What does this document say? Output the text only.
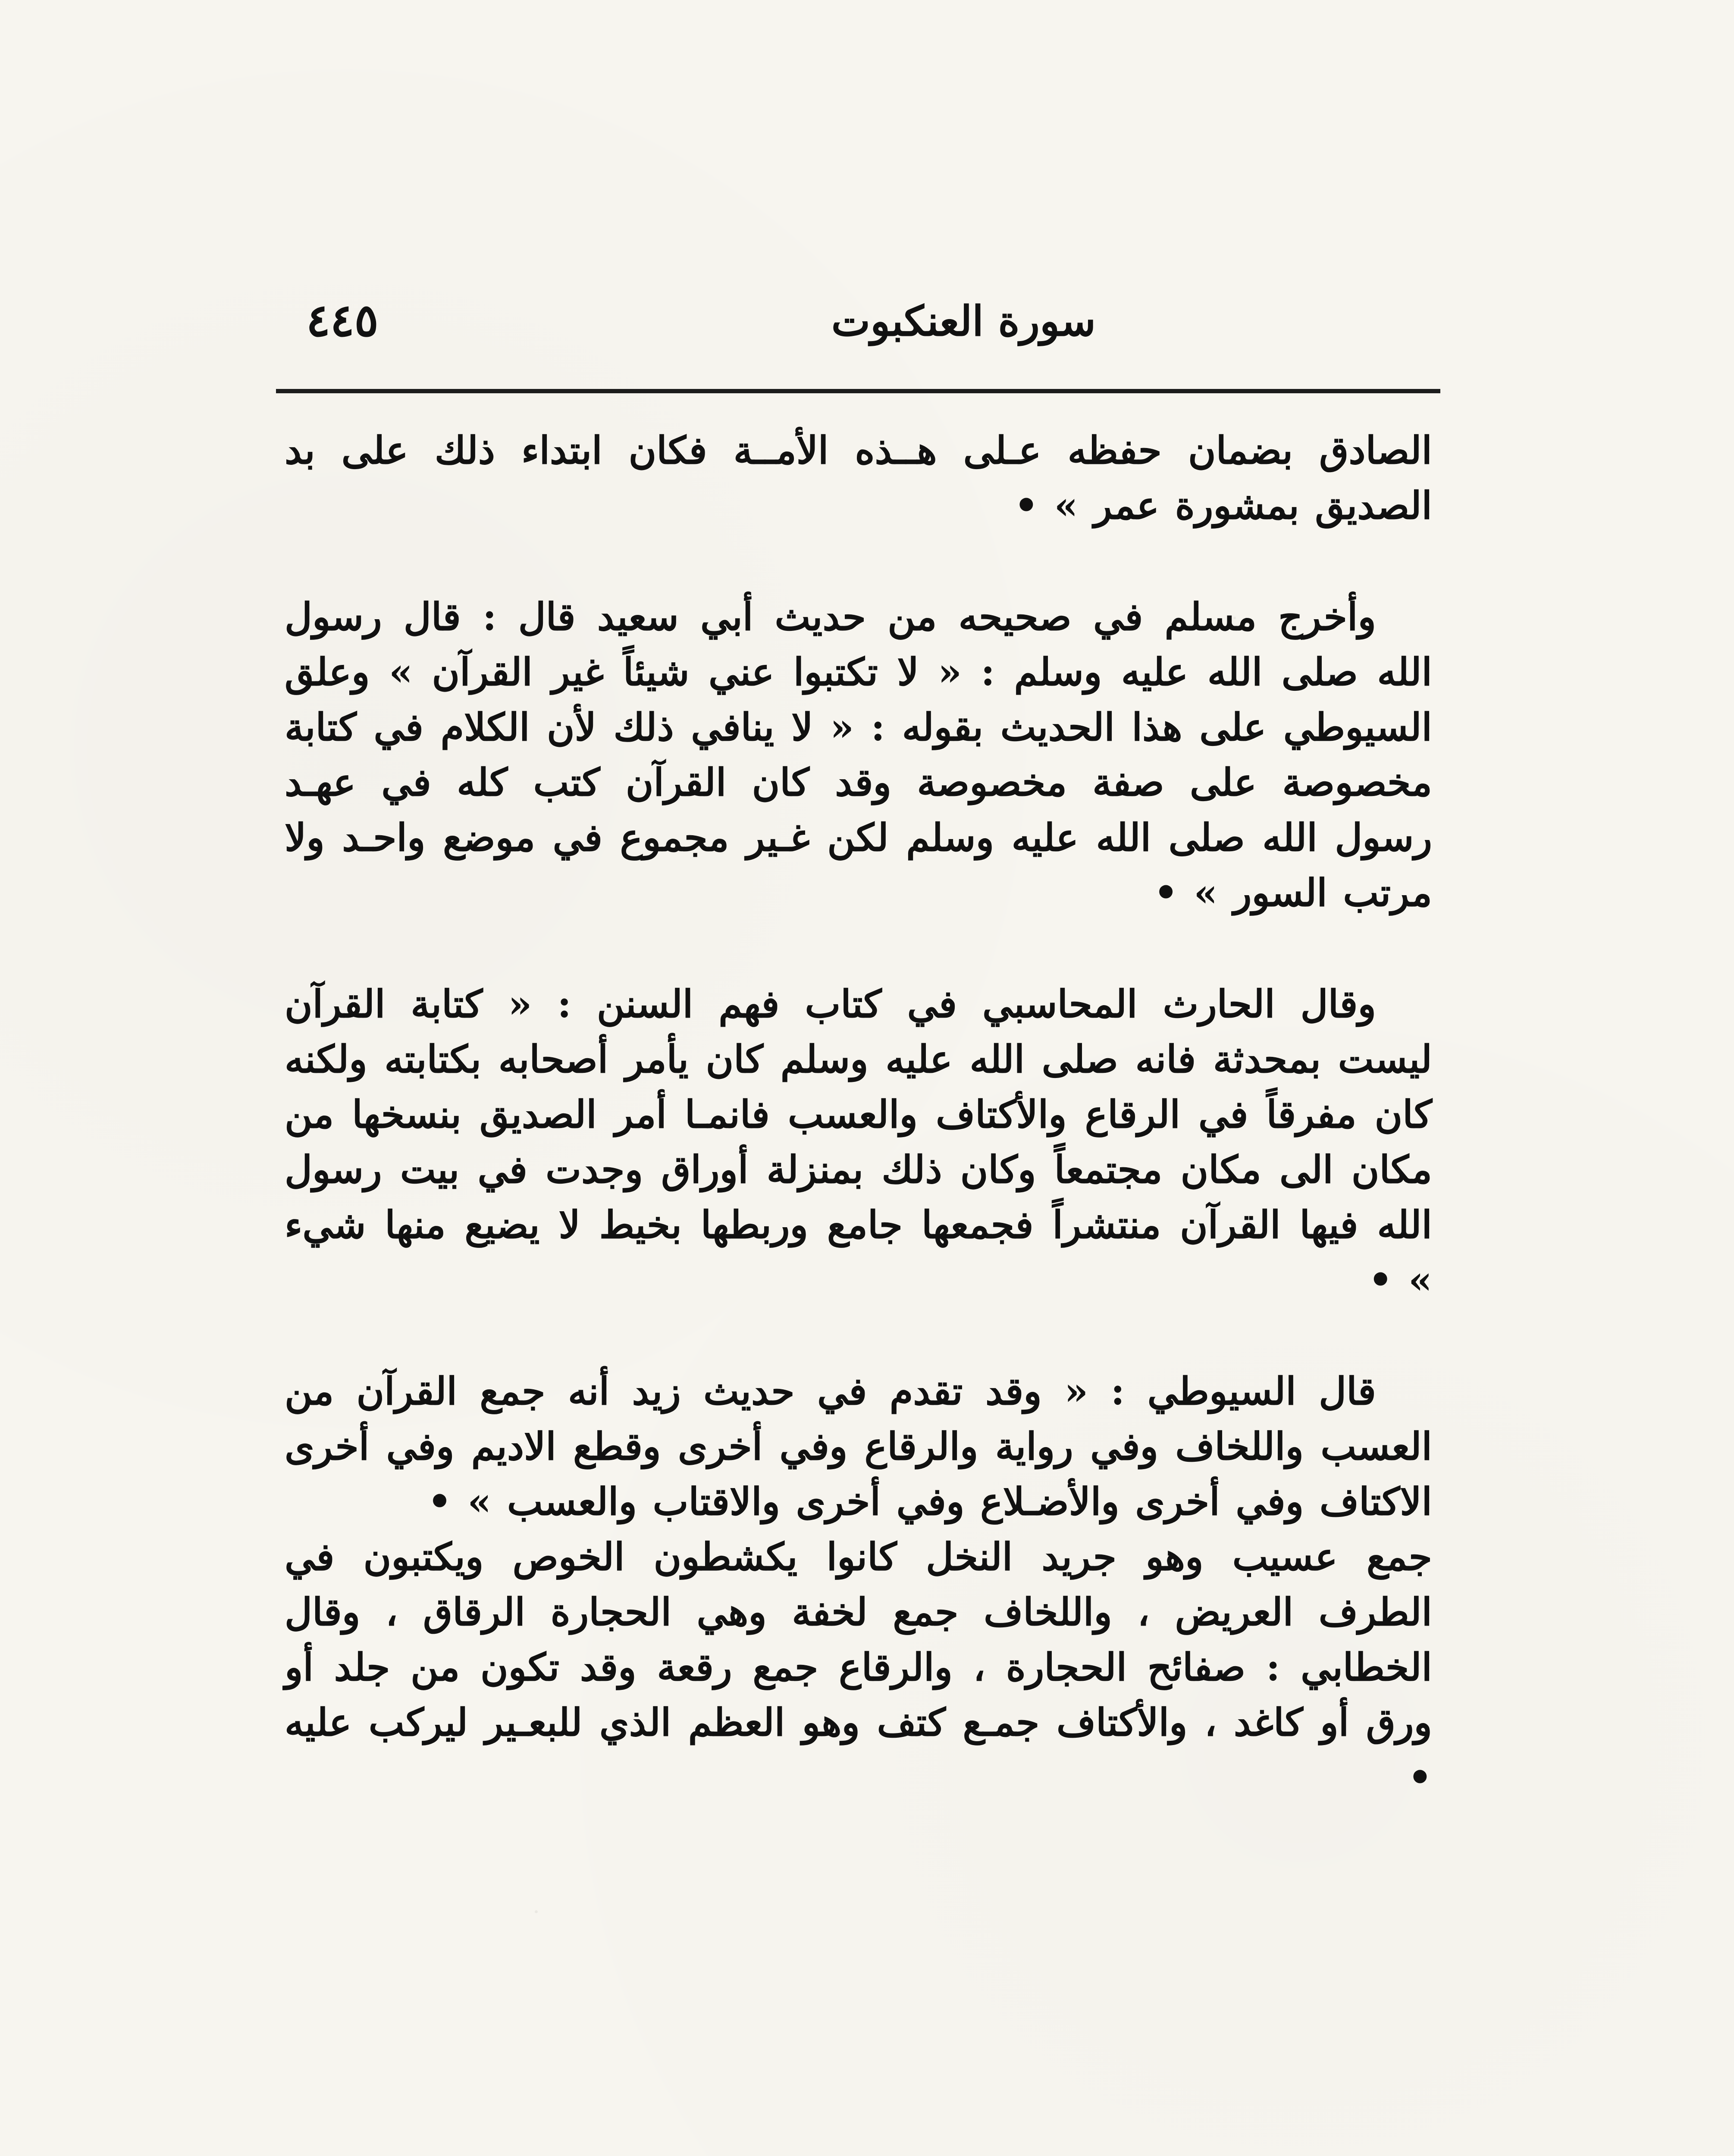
سورة العنكبوت
٤٤٥

الصادق بضمان حفظه عـلى هــذه الأمــة فكان ابتداء ذلك على بد الصديق بمشورة عمر » •

وأخرج مسلم في صحيحه من حديث أبي سعيد قال : قال رسول الله صلى الله عليه وسلم : « لا تكتبوا عني شيئاً غير القرآن » وعلق السيوطي على هذا الحديث بقوله : « لا ينافي ذلك لأن الكلام في كتابة مخصوصة على صفة مخصوصة وقد كان القرآن كتب كله في عهـد رسول الله صلى الله عليه وسلم لكن غـير مجموع في موضع واحـد ولا مرتب السور » •

وقال الحارث المحاسبي في كتاب فهم السنن : « كتابة القرآن ليست بمحدثة فانه صلى الله عليه وسلم كان يأمر أصحابه بكتابته ولكنه كان مفرقاً في الرقاع والأكتاف والعسب فانمـا أمر الصديق بنسخها من مكان الى مكان مجتمعاً وكان ذلك بمنزلة أوراق وجدت في بيت رسول الله فيها القرآن منتشراً فجمعها جامع وربطها بخيط لا يضيع منها شيء » •

قال السيوطي : « وقد تقدم في حديث زيد أنه جمع القرآن من العسب واللخاف وفي رواية والرقاع وفي أخرى وقطع الاديم وفي أخرى الاكتاف وفي أخرى والأضـلاع وفي أخرى والاقتاب والعسب » •

جمع عسيب وهو جريد النخل كانوا يكشطون الخوص ويكتبون في الطرف العريض ، واللخاف جمع لخفة وهي الحجارة الرقاق ، وقال الخطابي : صفائح الحجارة ، والرقاع جمع رقعة وقد تكون من جلد أو ورق أو كاغد ، والأكتاف جمـع كتف وهو العظم الذي للبعـير ليركب عليه •
